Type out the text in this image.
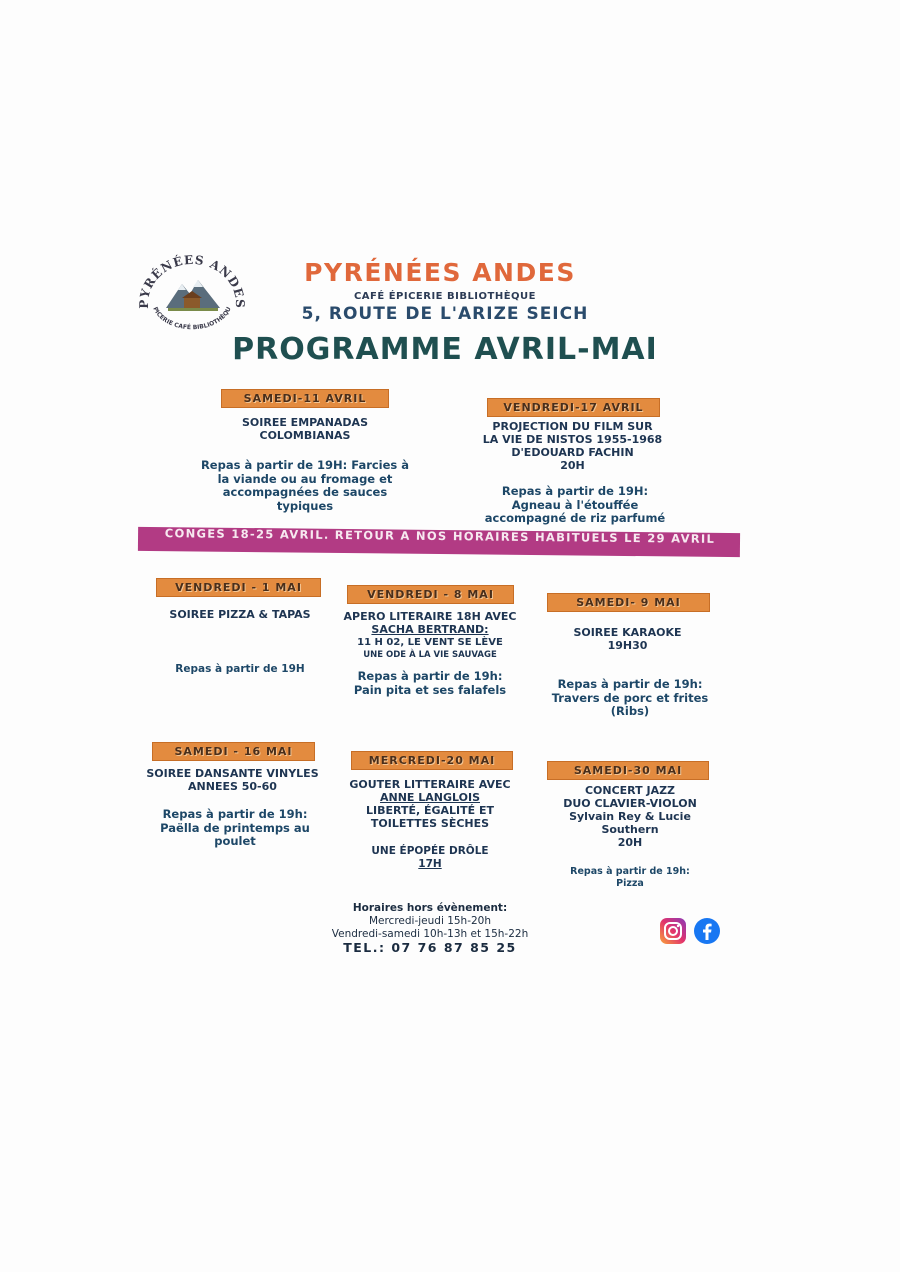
PYRÉNÉES ANDES
PICERIE CAFÉ BIBLIOTHÈQU
PYRÉNÉES ANDES
CAFÉ ÉPICERIE BIBLIOTHÈQUE
5, ROUTE DE L'ARIZE SEICH
PROGRAMME AVRIL-MAI
SAMEDI-11 AVRIL
SOIREE EMPANADAS
COLOMBIANAS
Repas à partir de 19H: Farcies à
la viande ou au fromage et
accompagnées de sauces
typiques
VENDREDI-17 AVRIL
PROJECTION DU FILM SUR
LA VIE DE NISTOS 1955-1968
D'EDOUARD FACHIN
20H
Repas à partir de 19H:
Agneau à l'étouffée
accompagné de riz parfumé
CONGES 18-25 AVRIL. RETOUR A NOS HORAIRES HABITUELS LE 29 AVRIL
VENDREDI - 1 MAI
SOIREE PIZZA & TAPAS
Repas à partir de 19H
VENDREDI - 8 MAI
APERO LITERAIRE 18H AVEC
SACHA BERTRAND:
11 H 02, LE VENT SE LÈVE
UNE ODE À LA VIE SAUVAGE
Repas à partir de 19h:
Pain pita et ses falafels
SAMEDI- 9 MAI
SOIREE KARAOKE
19H30
Repas à partir de 19h:
Travers de porc et frites
(Ribs)
SAMEDI - 16 MAI
SOIREE DANSANTE VINYLES
ANNEES 50-60
Repas à partir de 19h:
Paëlla de printemps au
poulet
MERCREDI-20 MAI
GOUTER LITTERAIRE AVEC
ANNE LANGLOIS
LIBERTÉ, ÉGALITÉ ET
TOILETTES SÈCHES
UNE ÉPOPÉE DRÔLE
17H
SAMEDI-30 MAI
CONCERT JAZZ
DUO CLAVIER-VIOLON
Sylvain Rey & Lucie
Southern
20H
Repas à partir de 19h:
Pizza
Horaires hors évènement:
Mercredi-jeudi 15h-20h
Vendredi-samedi 10h-13h et 15h-22h
TEL.: 07 76 87 85 25
